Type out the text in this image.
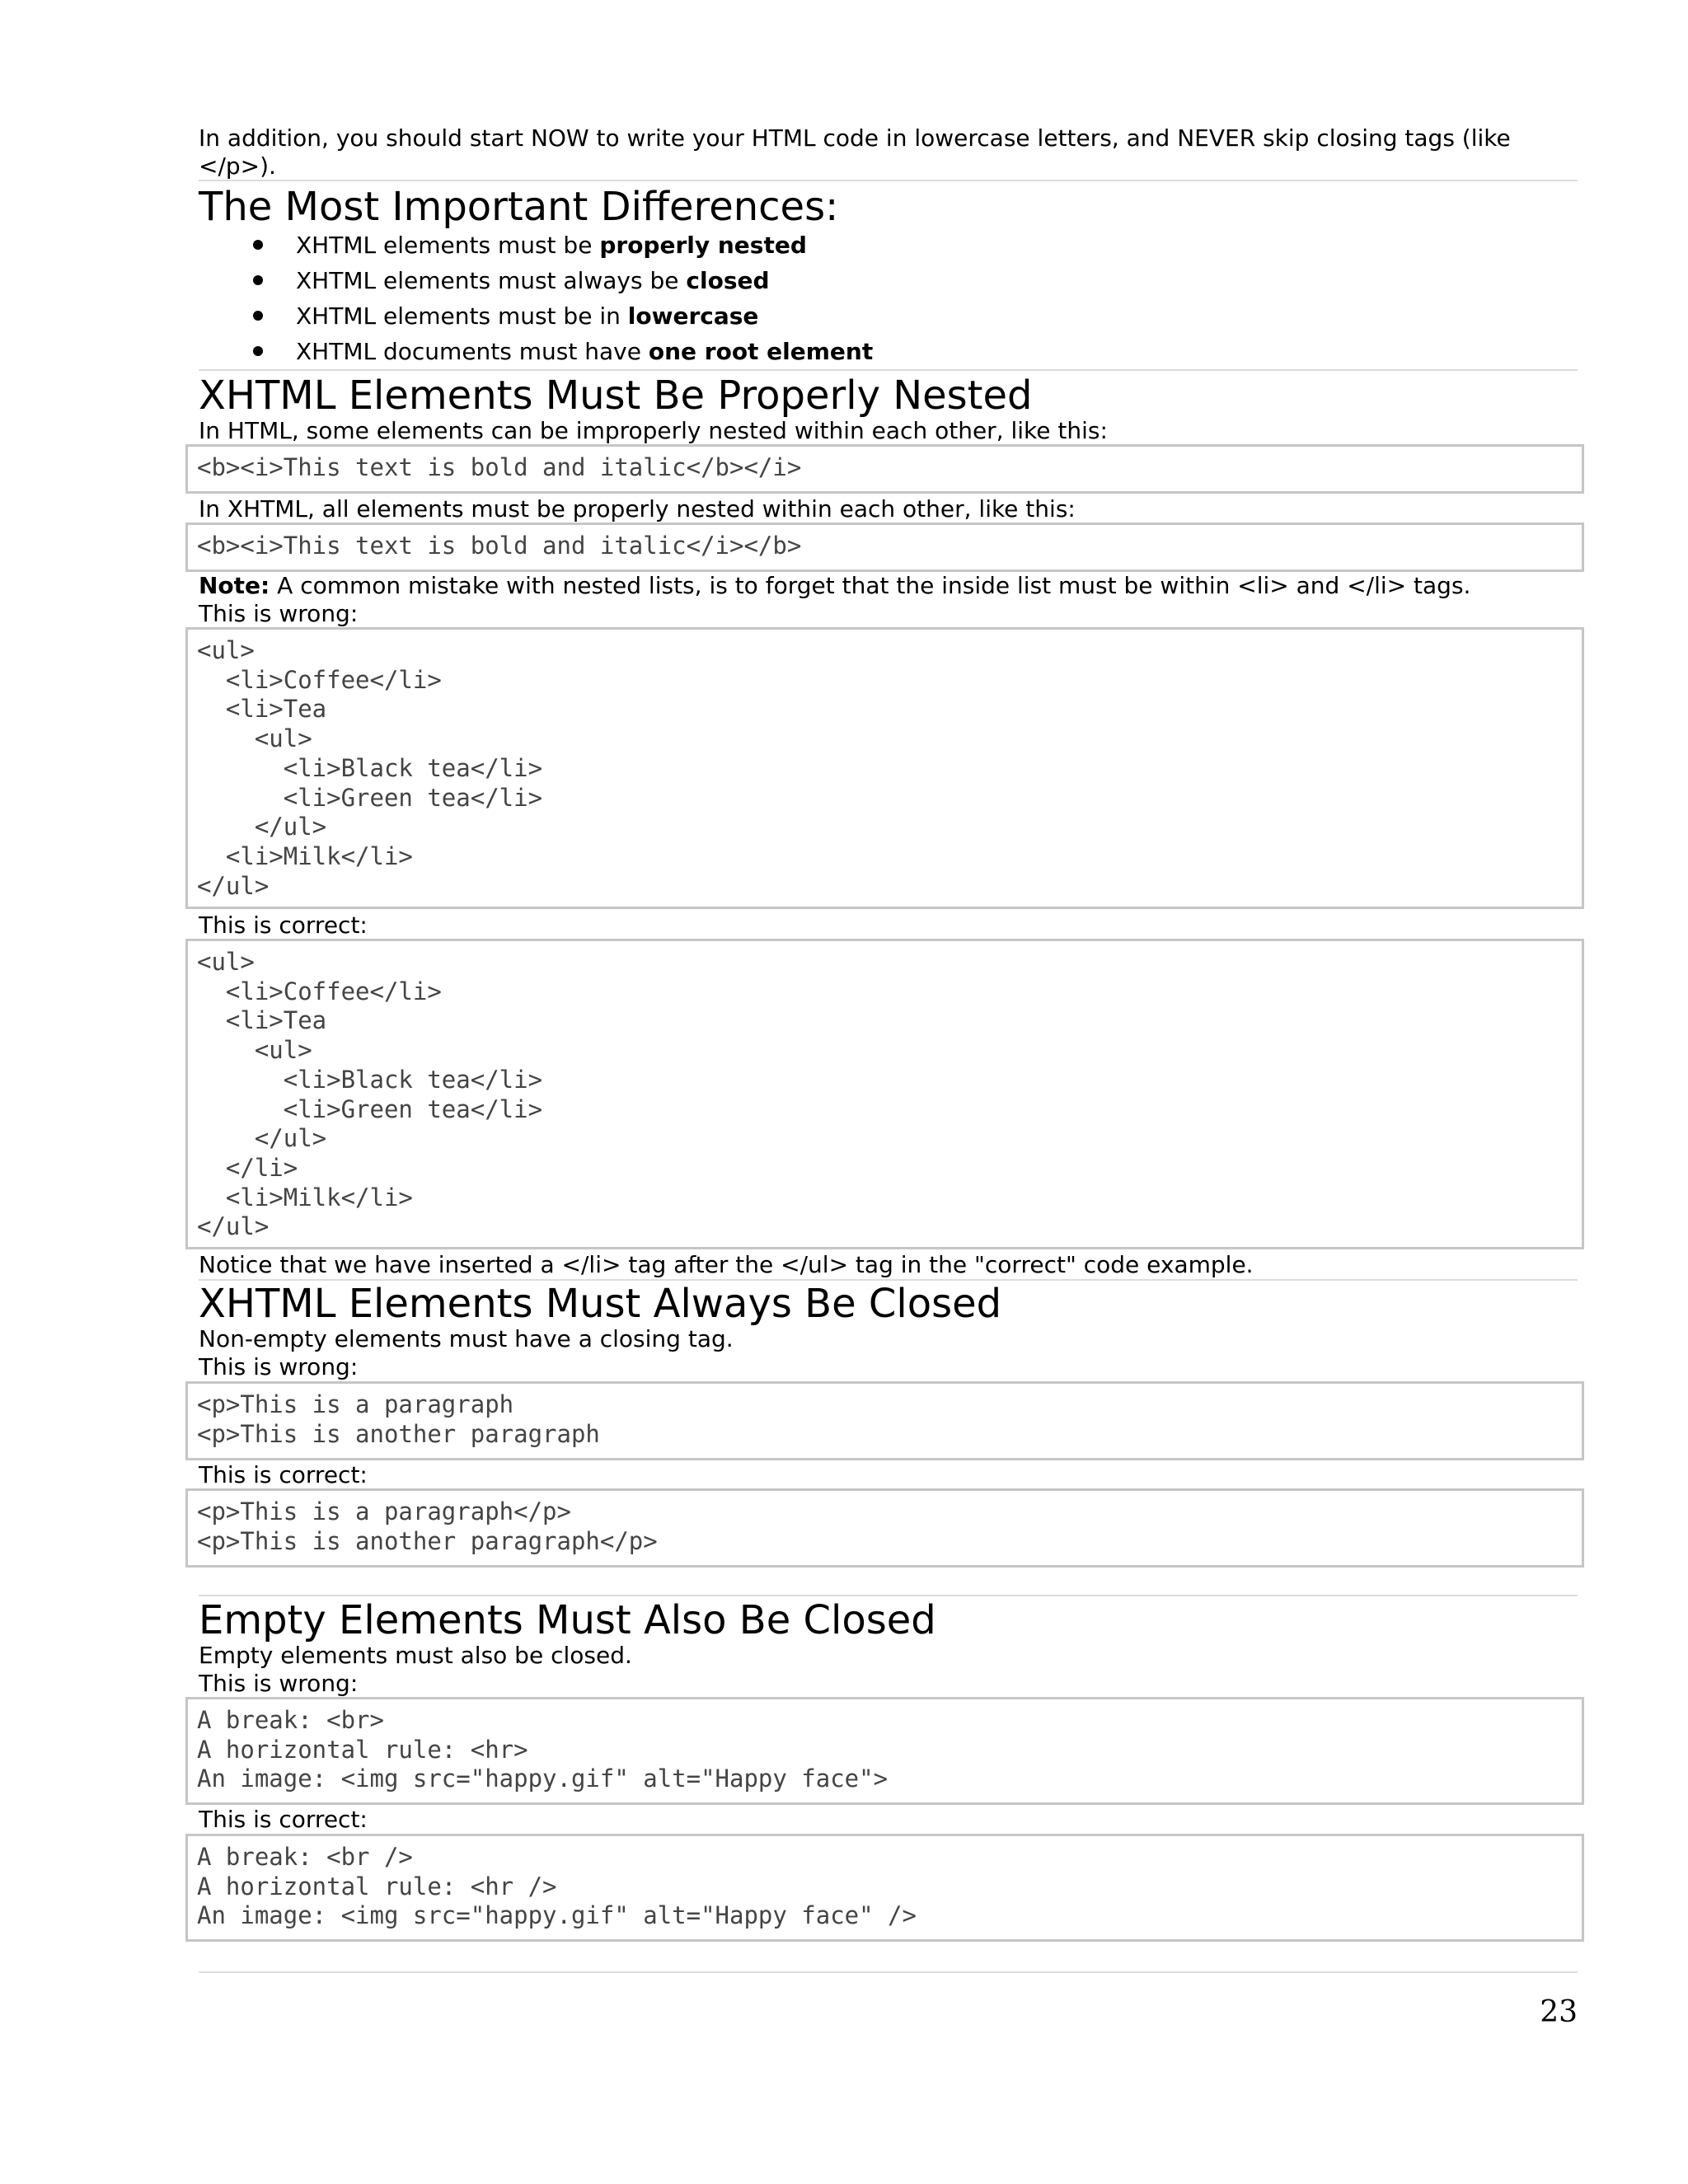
In addition, you should start NOW to write your HTML code in lowercase letters, and NEVER skip closing tags (like
</p>).
The Most Important Differences:
XHTML elements must be properly nested
XHTML elements must always be closed
XHTML elements must be in lowercase
XHTML documents must have one root element
XHTML Elements Must Be Properly Nested
In HTML, some elements can be improperly nested within each other, like this:
<b><i>This text is bold and italic</b></i>
In XHTML, all elements must be properly nested within each other, like this:
<b><i>This text is bold and italic</i></b>
Note: A common mistake with nested lists, is to forget that the inside list must be within <li> and </li> tags.
This is wrong:
<ul>
<li>Coffee</li>
<li>Tea
<ul>
<li>Black tea</li>
<li>Green tea</li>
</ul>
<li>Milk</li>
</ul>
This is correct:
<ul>
<li>Coffee</li>
<li>Tea
<ul>
<li>Black tea</li>
<li>Green tea</li>
</ul>
</li>
<li>Milk</li>
</ul>
Notice that we have inserted a </li> tag after the </ul> tag in the "correct" code example.
XHTML Elements Must Always Be Closed
Non-empty elements must have a closing tag.
This is wrong:
<p>This is a paragraph
<p>This is another paragraph
This is correct:
<p>This is a paragraph</p>
<p>This is another paragraph</p>
Empty Elements Must Also Be Closed
Empty elements must also be closed.
This is wrong:
A break: <br>
A horizontal rule: <hr>
An image: <img src="happy.gif" alt="Happy face">
This is correct:
A break: <br />
A horizontal rule: <hr />
An image: <img src="happy.gif" alt="Happy face" />
23
